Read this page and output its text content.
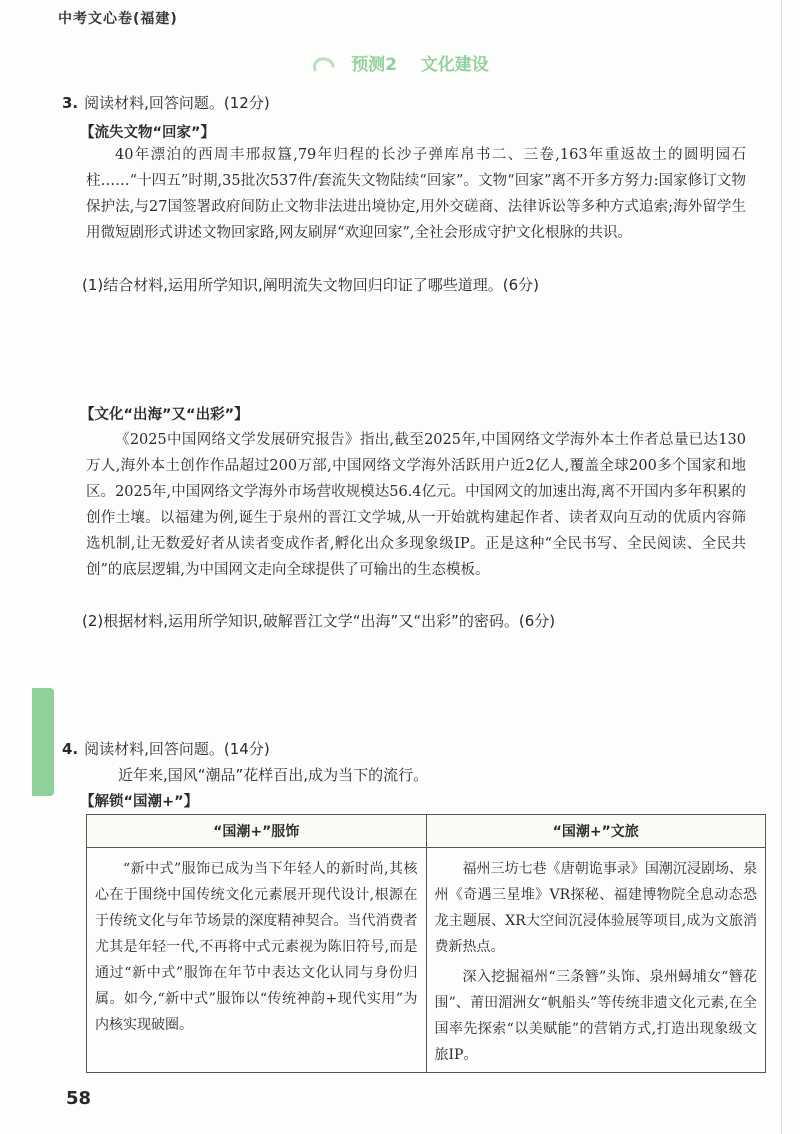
中考文心卷(福建)
预测2 文化建设
3. 阅读材料,回答问题。(12分)
【流失文物“回家”】

40年漂泊的西周丰邢叔簋,79年归程的长沙子弹库帛书二、三卷,163年重返故土的圆明园石柱……“十四五”时期,35批次537件/套流失文物陆续“回家”。文物“回家”离不开多方努力:国家修订文物保护法,与27国签署政府间防止文物非法进出境协定,用外交磋商、法律诉讼等多种方式追索;海外留学生用微短剧形式讲述文物回家路,网友刷屏“欢迎回家”,全社会形成守护文化根脉的共识。

(1)结合材料,运用所学知识,阐明流失文物回归印证了哪些道理。(6分)
【文化“出海”又“出彩”】

《2025中国网络文学发展研究报告》指出,截至2025年,中国网络文学海外本土作者总量已达130万人,海外本土创作作品超过200万部,中国网络文学海外活跃用户近2亿人,覆盖全球200多个国家和地区。2025年,中国网络文学海外市场营收规模达56.4亿元。中国网文的加速出海,离不开国内多年积累的创作土壤。以福建为例,诞生于泉州的晋江文学城,从一开始就构建起作者、读者双向互动的优质内容筛选机制,让无数爱好者从读者变成作者,孵化出众多现象级IP。正是这种“全民书写、全民阅读、全民共创”的底层逻辑,为中国网文走向全球提供了可输出的生态模板。

(2)根据材料,运用所学知识,破解晋江文学“出海”又“出彩”的密码。(6分)
4. 阅读材料,回答问题。(14分)
近年来,国风“潮品”花样百出,成为当下的流行。
【解锁“国潮+”】
“国潮+”服饰	“国潮+”文旅

“新中式”服饰已成为当下年轻人的新时尚,其核心在于围绕中国传统文化元素展开现代设计,根源在于传统文化与年节场景的深度精神契合。当代消费者尤其是年轻一代,不再将中式元素视为陈旧符号,而是通过“新中式”服饰在年节中表达文化认同与身份归属。如今,“新中式”服饰以“传统神韵+现代实用”为内核实现破圈。	福州三坊七巷《唐朝诡事录》国潮沉浸剧场、泉州《奇遇三星堆》VR探秘、福建博物院全息动态恐龙主题展、XR大空间沉浸体验展等项目,成为文旅消费新热点。

深入挖掘福州“三条簪”头饰、泉州蟳埔女“簪花围”、莆田湄洲女“帆船头”等传统非遗文化元素,在全国率先探索“以美赋能”的营销方式,打造出现象级文旅IP。

58
